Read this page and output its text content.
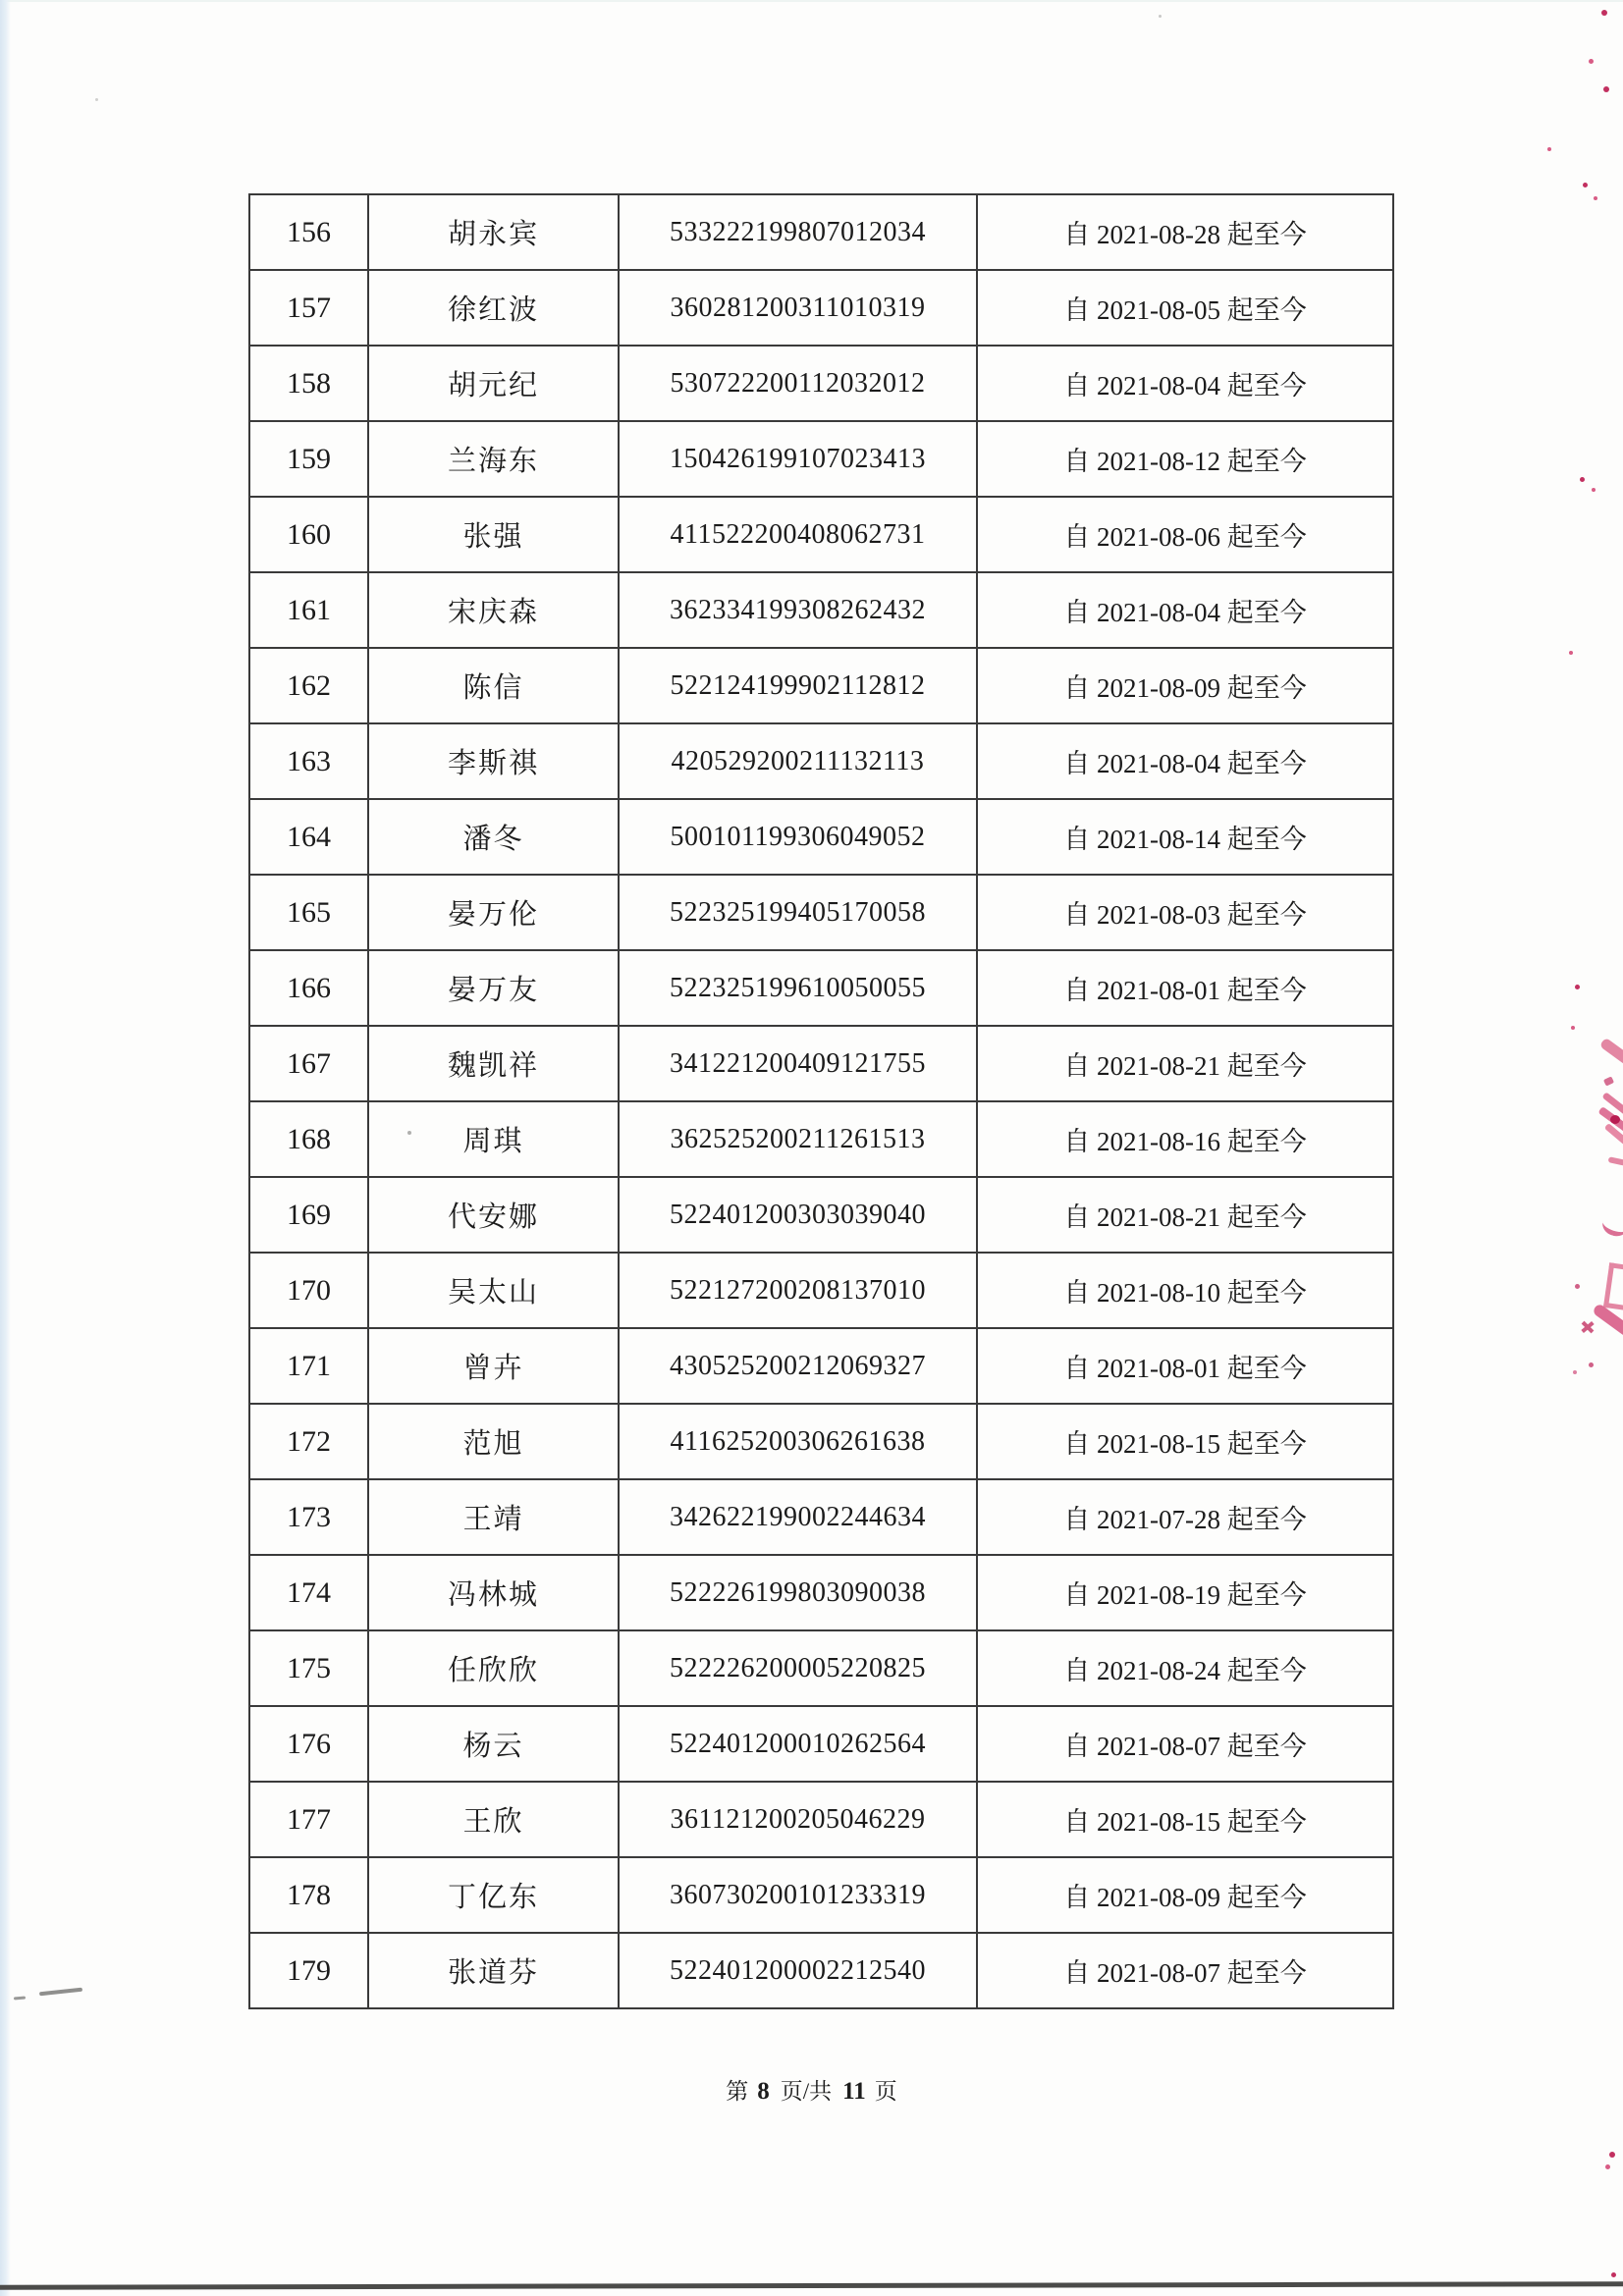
156	胡永宾	533222199807012034	自 2021-08-28 起至今
157	徐红波	360281200311010319	自 2021-08-05 起至今
158	胡元纪	530722200112032012	自 2021-08-04 起至今
159	兰海东	150426199107023413	自 2021-08-12 起至今
160	张强	411522200408062731	自 2021-08-06 起至今
161	宋庆森	362334199308262432	自 2021-08-04 起至今
162	陈信	522124199902112812	自 2021-08-09 起至今
163	李斯祺	420529200211132113	自 2021-08-04 起至今
164	潘冬	500101199306049052	自 2021-08-14 起至今
165	晏万伦	522325199405170058	自 2021-08-03 起至今
166	晏万友	522325199610050055	自 2021-08-01 起至今
167	魏凯祥	341221200409121755	自 2021-08-21 起至今
168	周琪	362525200211261513	自 2021-08-16 起至今
169	代安娜	522401200303039040	自 2021-08-21 起至今
170	吴太山	522127200208137010	自 2021-08-10 起至今
171	曾卉	430525200212069327	自 2021-08-01 起至今
172	范旭	411625200306261638	自 2021-08-15 起至今
173	王靖	342622199002244634	自 2021-07-28 起至今
174	冯林城	522226199803090038	自 2021-08-19 起至今
175	任欣欣	522226200005220825	自 2021-08-24 起至今
176	杨云	522401200010262564	自 2021-08-07 起至今
177	王欣	361121200205046229	自 2021-08-15 起至今
178	丁亿东	360730200101233319	自 2021-08-09 起至今
179	张道芬	522401200002212540	自 2021-08-07 起至今
第 8 页/共 11 页
